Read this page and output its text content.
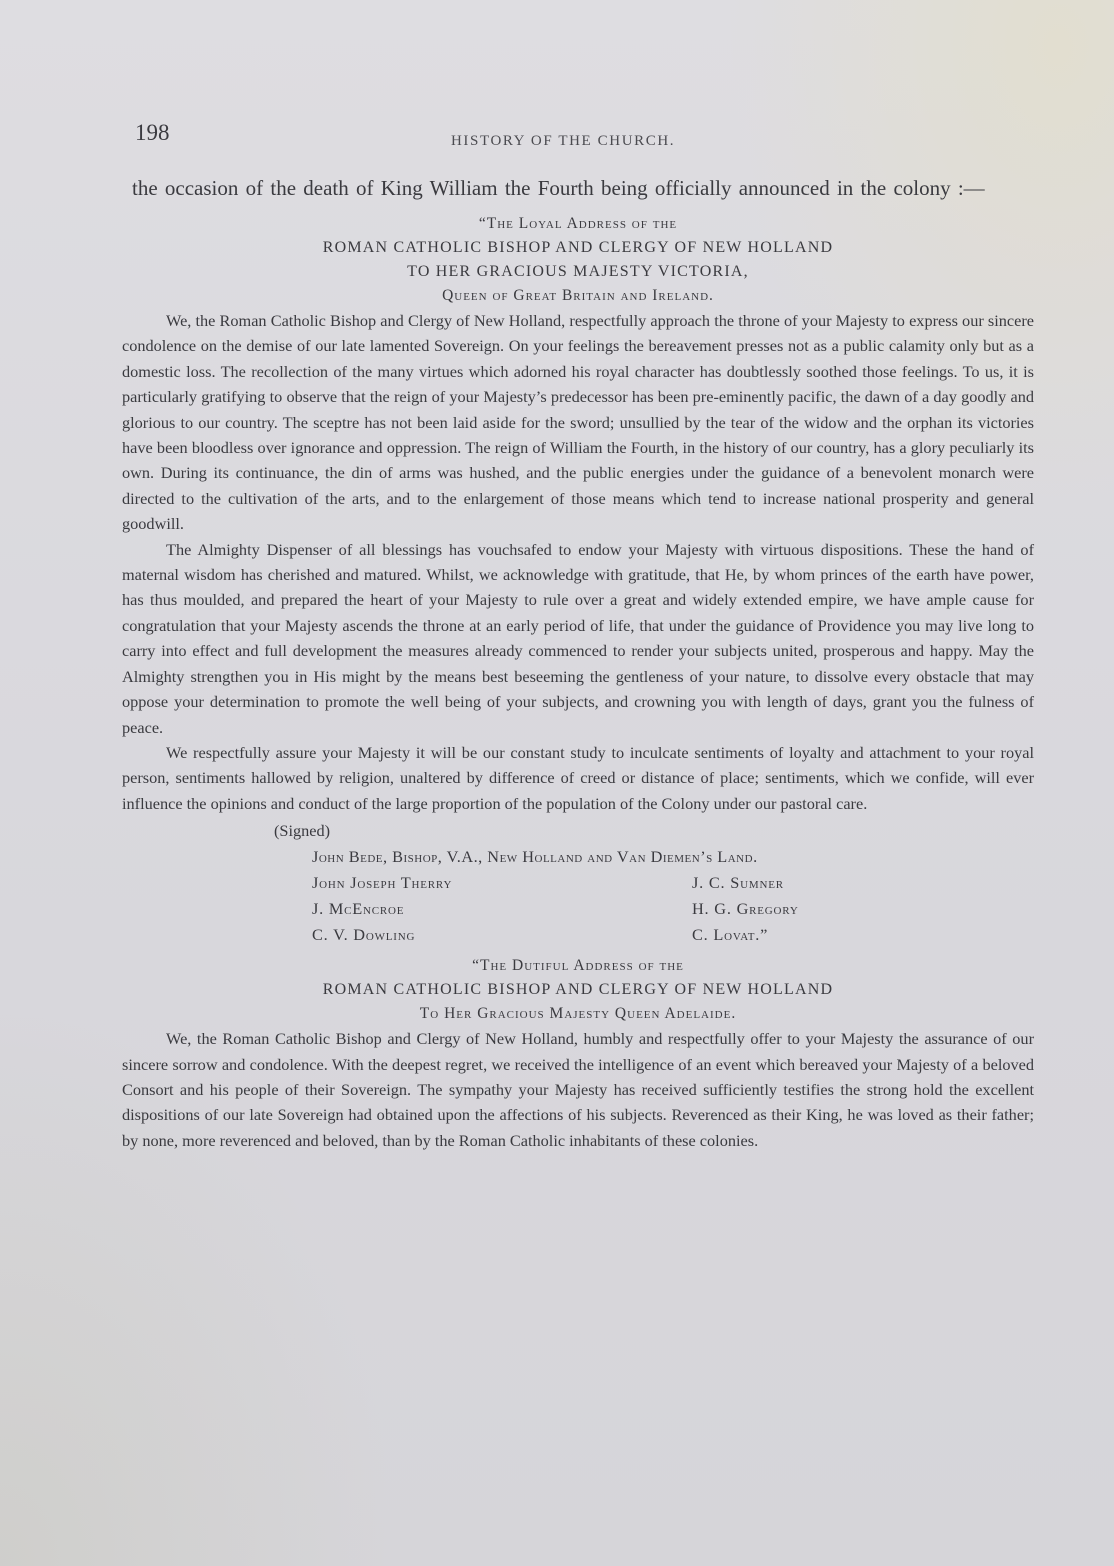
198	HISTORY OF THE CHURCH.

the occasion of the death of King William the Fourth being officially announced in the colony :—

“The Loyal Address of the

ROMAN CATHOLIC BISHOP AND CLERGY OF NEW HOLLAND

TO HER GRACIOUS MAJESTY VICTORIA,

Queen of Great Britain and Ireland.

We, the Roman Catholic Bishop and Clergy of New Holland, respectfully approach the throne of your Majesty to express our sincere condolence on the demise of our late lamented Sovereign. On your feelings the bereavement presses not as a public calamity only but as a domestic loss. The recollection of the many virtues which adorned his royal character has doubtlessly soothed those feelings. To us, it is particularly gratifying to observe that the reign of your Majesty’s predecessor has been pre-eminently pacific, the dawn of a day goodly and glorious to our country. The sceptre has not been laid aside for the sword; unsullied by the tear of the widow and the orphan its victories have been bloodless over ignorance and oppression. The reign of William the Fourth, in the history of our country, has a glory peculiarly its own. During its continuance, the din of arms was hushed, and the public energies under the guidance of a benevolent monarch were directed to the cultivation of the arts, and to the enlargement of those means which tend to increase national prosperity and general goodwill.

The Almighty Dispenser of all blessings has vouchsafed to endow your Majesty with virtuous dispositions. These the hand of maternal wisdom has cherished and matured. Whilst, we acknowledge with gratitude, that He, by whom princes of the earth have power, has thus moulded, and prepared the heart of your Majesty to rule over a great and widely extended empire, we have ample cause for congratulation that your Majesty ascends the throne at an early period of life, that under the guidance of Providence you may live long to carry into effect and full development the measures already commenced to render your subjects united, prosperous and happy. May the Almighty strengthen you in His might by the means best beseeming the gentleness of your nature, to dissolve every obstacle that may oppose your determination to promote the well being of your subjects, and crowning you with length of days, grant you the fulness of peace.

We respectfully assure your Majesty it will be our constant study to inculcate sentiments of loyalty and attachment to your royal person, sentiments hallowed by religion, unaltered by difference of creed or distance of place; sentiments, which we confide, will ever influence the opinions and conduct of the large proportion of the population of the Colony under our pastoral care.

(Signed)
John Bede, Bishop, V.A., New Holland and Van Diemen’s Land.
John Joseph Therry	J. C. Sumner
J. McEncroe	H. G. Gregory
C. V. Dowling	C. Lovat.”

“The Dutiful Address of the

ROMAN CATHOLIC BISHOP AND CLERGY OF NEW HOLLAND

To Her Gracious Majesty Queen Adelaide.

We, the Roman Catholic Bishop and Clergy of New Holland, humbly and respectfully offer to your Majesty the assurance of our sincere sorrow and condolence. With the deepest regret, we received the intelligence of an event which bereaved your Majesty of a beloved Consort and his people of their Sovereign. The sympathy your Majesty has received sufficiently testifies the strong hold the excellent dispositions of our late Sovereign had obtained upon the affections of his subjects. Reverenced as their King, he was loved as their father; by none, more reverenced and beloved, than by the Roman Catholic inhabitants of these colonies.
